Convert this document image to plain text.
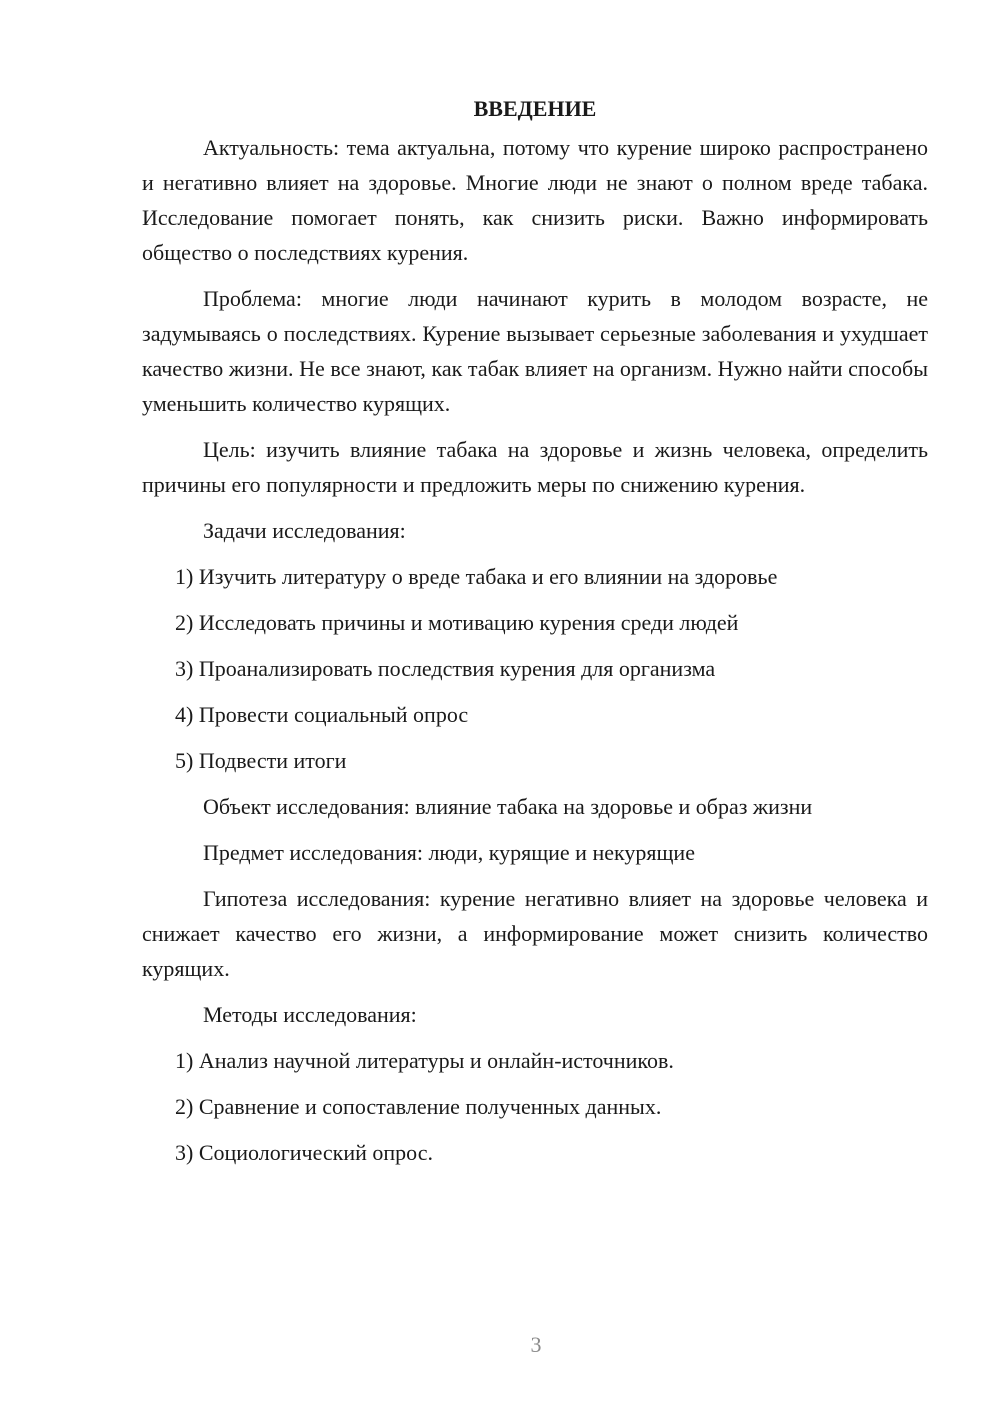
ВВЕДЕНИЕ

Актуальность: тема актуальна, потому что курение широко распространено и негативно влияет на здоровье. Многие люди не знают о полном вреде табака. Исследование помогает понять, как снизить риски. Важно информировать общество о последствиях курения.

Проблема: многие люди начинают курить в молодом возрасте, не задумываясь о последствиях. Курение вызывает серьезные заболевания и ухудшает качество жизни. Не все знают, как табак влияет на организм. Нужно найти способы уменьшить количество курящих.

Цель: изучить влияние табака на здоровье и жизнь человека, определить причины его популярности и предложить меры по снижению курения.

Задачи исследования:
1) Изучить литературу о вреде табака и его влиянии на здоровье
2) Исследовать причины и мотивацию курения среди людей
3) Проанализировать последствия курения для организма
4) Провести социальный опрос
5) Подвести итоги
Объект исследования: влияние табака на здоровье и образ жизни
Предмет исследования: люди, курящие и некурящие

Гипотеза исследования: курение негативно влияет на здоровье человека и снижает качество его жизни, а информирование может снизить количество курящих.

Методы исследования:
1) Анализ научной литературы и онлайн-источников.
2) Сравнение и сопоставление полученных данных.
3) Социологический опрос.
3
